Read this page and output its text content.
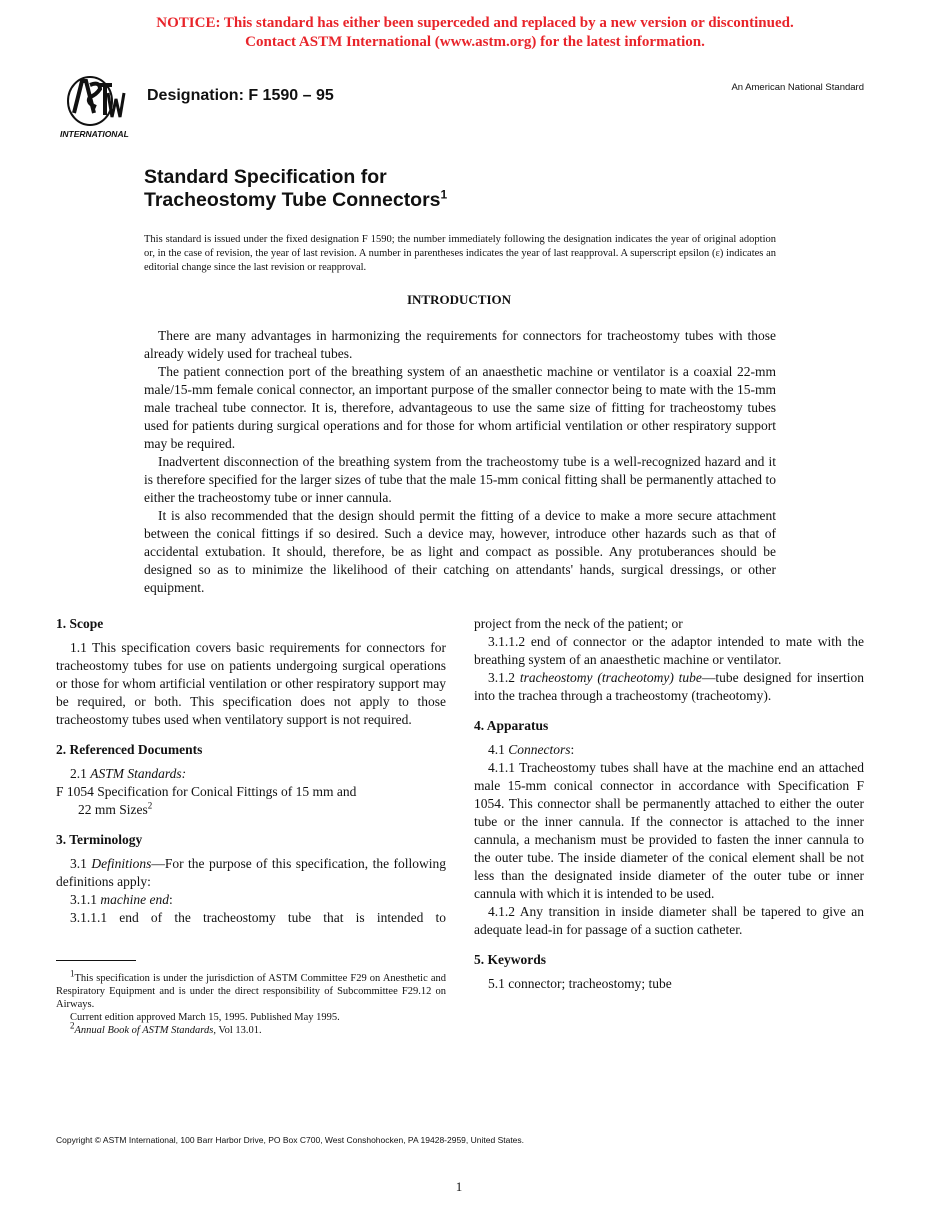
NOTICE: This standard has either been superceded and replaced by a new version or discontinued.
Contact ASTM International (www.astm.org) for the latest information.
INTERNATIONAL
Designation: F 1590 – 95	An American National Standard
Standard Specification for
Tracheostomy Tube Connectors$^1$
This standard is issued under the fixed designation F 1590; the number immediately following the designation indicates the year of original adoption or, in the case of revision, the year of last revision. A number in parentheses indicates the year of last reapproval. A superscript epsilon (ε) indicates an editorial change since the last revision or reapproval.
INTRODUCTION

There are many advantages in harmonizing the requirements for connectors for tracheostomy tubes with those already widely used for tracheal tubes.

The patient connection port of the breathing system of an anaesthetic machine or ventilator is a coaxial 22-mm male/15-mm female conical connector, an important purpose of the smaller connector being to mate with the 15-mm male tracheal tube connector. It is, therefore, advantageous to use the same size of fitting for tracheostomy tubes used for patients during surgical operations and for those for whom artificial ventilation or other respiratory support may be required.

Inadvertent disconnection of the breathing system from the tracheostomy tube is a well-recognized hazard and it is therefore specified for the larger sizes of tube that the male 15-mm conical fitting shall be permanently attached to either the tracheostomy tube or inner cannula.

It is also recommended that the design should permit the fitting of a device to make a more secure attachment between the conical fittings if so desired. Such a device may, however, introduce other hazards such as that of accidental extubation. It should, therefore, be as light and compact as possible. Any protuberances should be designed so as to minimize the likelihood of their catching on attendants' hands, surgical dressings, or other equipment.

1. Scope

1.1 This specification covers basic requirements for connectors for tracheostomy tubes for use on patients undergoing surgical operations or those for whom artificial ventilation or other respiratory support may be required, or both. This specification does not apply to those tracheostomy tubes used when ventilatory support is not required.

2. Referenced Documents

2.1 ASTM Standards:

F 1054 Specification for Conical Fittings of 15 mm and

22 mm Sizes$^2$

3. Terminology

3.1 Definitions—For the purpose of this specification, the following definitions apply:

3.1.1 machine end:

3.1.1.1 end of the tracheostomy tube that is intended to

$^1$This specification is under the jurisdiction of ASTM Committee F29 on Anesthetic and Respiratory Equipment and is under the direct responsibility of Subcommittee F29.12 on Airways.

Current edition approved March 15, 1995. Published May 1995.

$^2$Annual Book of ASTM Standards, Vol 13.01.

project from the neck of the patient; or

3.1.1.2 end of connector or the adaptor intended to mate with the breathing system of an anaesthetic machine or ventilator.

3.1.2 tracheostomy (tracheotomy) tube—tube designed for insertion into the trachea through a tracheostomy (tracheotomy).

4. Apparatus

4.1 Connectors:

4.1.1 Tracheostomy tubes shall have at the machine end an attached male 15-mm conical connector in accordance with Specification F 1054. This connector shall be permanently attached to either the outer tube or the inner cannula. If the connector is attached to the inner cannula, a mechanism must be provided to fasten the inner cannula to the outer tube. The inside diameter of the conical element shall be not less than the designated inside diameter of the outer tube or inner cannula with which it is intended to be used.

4.1.2 Any transition in inside diameter shall be tapered to give an adequate lead-in for passage of a suction catheter.

5. Keywords

5.1 connector; tracheostomy; tube

Copyright © ASTM International, 100 Barr Harbor Drive, PO Box C700, West Conshohocken, PA 19428-2959, United States.
1
